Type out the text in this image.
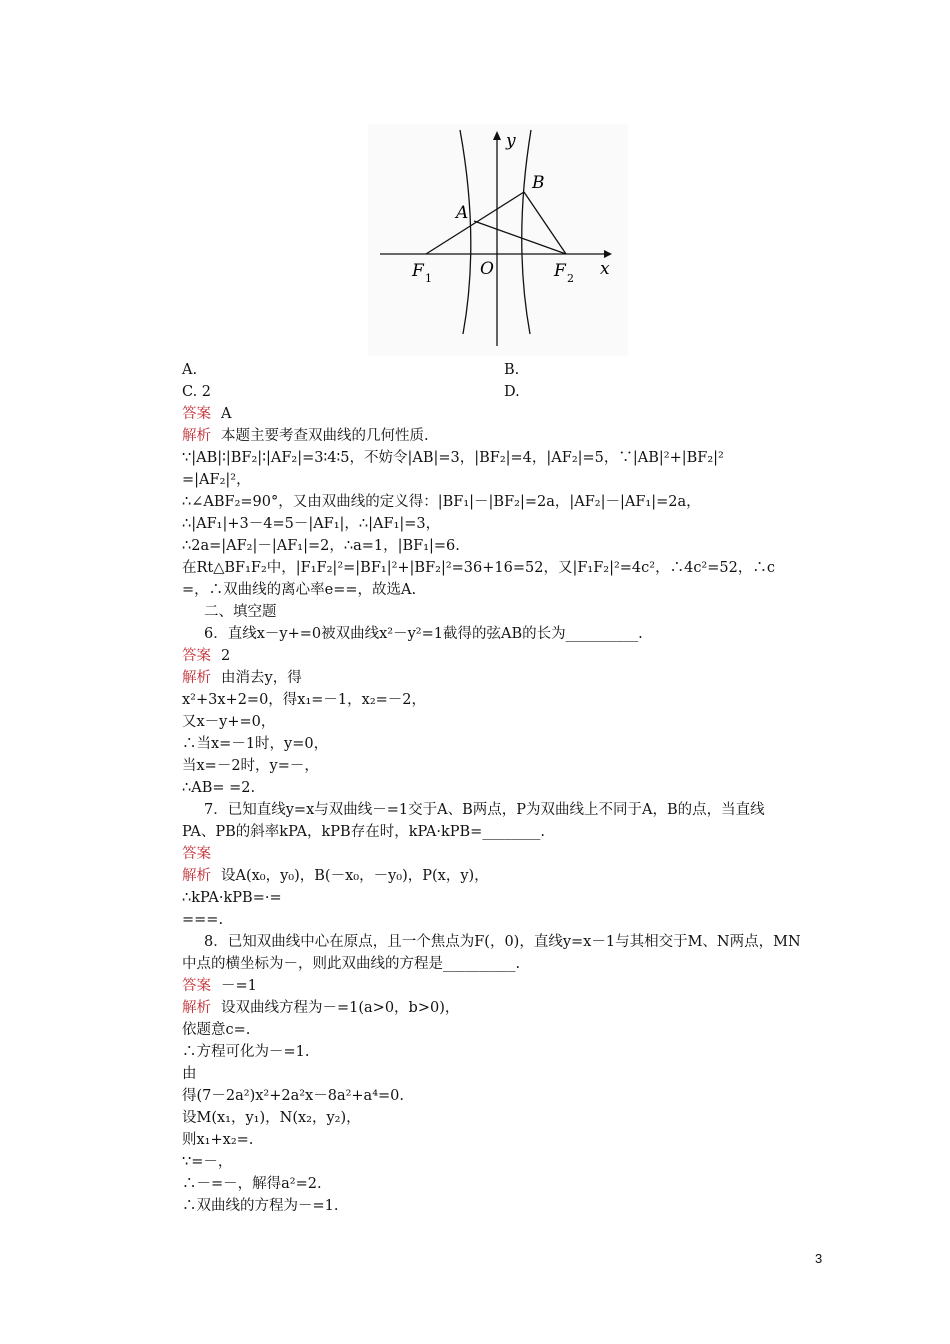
y
x
B
A
O
F 1	F 2
A.	B.
C. 2	D.
答案 A
解析 本题主要考查双曲线的几何性质.
∵|AB|∶|BF₂|∶|AF₂|=3∶4∶5，不妨令|AB|=3，|BF₂|=4，|AF₂|=5，∵|AB|²+|BF₂|²
=|AF₂|²，
∴∠ABF₂=90°，又由双曲线的定义得：|BF₁|－|BF₂|=2a，|AF₂|－|AF₁|=2a，
∴|AF₁|+3－4=5－|AF₁|，∴|AF₁|=3，
∴2a=|AF₂|－|AF₁|=2，∴a=1，|BF₁|=6.
在Rt△BF₁F₂中，|F₁F₂|²=|BF₁|²+|BF₂|²=36+16=52，又|F₁F₂|²=4c²，∴4c²=52，∴c
=，∴双曲线的离心率e==，故选A.
二、填空题
6．直线x－y+=0被双曲线x²－y²=1截得的弦AB的长为__________.
答案 2
解析 由消去y，得
x²+3x+2=0，得x₁=－1，x₂=－2，
又x－y+=0，
∴当x=－1时，y=0，
当x=－2时，y=－，
∴AB= =2.
7．已知直线y=x与双曲线－=1交于A、B两点，P为双曲线上不同于A，B的点，当直线
PA、PB的斜率kPA，kPB存在时，kPA·kPB=________.
答案
解析 设A(x₀，y₀)，B(－x₀，－y₀)，P(x，y)，
∴kPA·kPB=·=
===.
8．已知双曲线中心在原点，且一个焦点为F(，0)，直线y=x－1与其相交于M、N两点，MN
中点的横坐标为－，则此双曲线的方程是__________.
答案 －=1
解析 设双曲线方程为－=1(a>0，b>0)，
依题意c=.
∴方程可化为－=1.
由
得(7－2a²)x²+2a²x－8a²+a⁴=0.
设M(x₁，y₁)，N(x₂，y₂)，
则x₁+x₂=.
∵=－，
∴－=－，解得a²=2.
∴双曲线的方程为－=1.
3
